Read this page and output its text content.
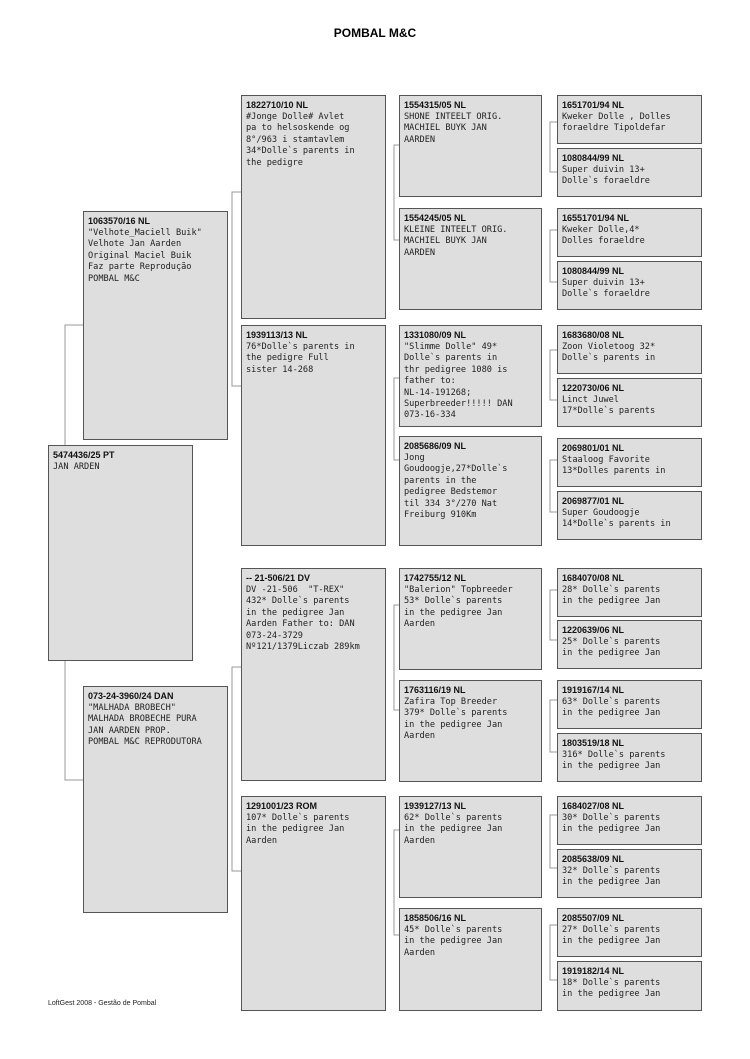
POMBAL M&C
5474436/25 PT
JAN ARDEN
1063570/16 NL
"Velhote_Maciell Buik"
Velhote Jan Aarden
Original Maciel Buik
Faz parte Reprodução
POMBAL M&C
073-24-3960/24 DAN
"MALHADA BROBECH"
MALHADA BROBECHE PURA
JAN AARDEN PROP.
POMBAL M&C REPRODUTORA
1822710/10 NL
#Jonge Dolle# Avlet
pa to helsoskende og
8°/963 i stamtavlem
34*Dolle`s parents in
the pedigre
1939113/13 NL
76*Dolle`s parents in
the pedigre Full
sister 14-268
-- 21-506/21 DV
DV -21-506  "T-REX"
432* Dolle`s parents
in the pedigree Jan
Aarden Father to: DAN
073-24-3729
Nº121/1379Liczab 289km
1291001/23 ROM
107* Dolle`s parents
in the pedigree Jan
Aarden
1554315/05 NL
SHONE INTEELT ORIG.
MACHIEL BUYK JAN
AARDEN
1554245/05 NL
KLEINE INTEELT ORIG.
MACHIEL BUYK JAN
AARDEN
1331080/09 NL
"Slimme Dolle" 49*
Dolle`s parents in
thr pedigree 1080 is
father to:
NL-14-191268;
Superbreeder!!!!! DAN
073-16-334
2085686/09 NL
Jong
Goudoogje,27*Dolle`s
parents in the
pedigree Bedstemor
til 334 3°/270 Nat
Freiburg 910Km
1742755/12 NL
"Balerion" Topbreeder
53* Dolle`s parents
in the pedigree Jan
Aarden
1763116/19 NL
Zafira Top Breeder
379* Dolle`s parents
in the pedigree Jan
Aarden
1939127/13 NL
62* Dolle`s parents
in the pedigree Jan
Aarden
1858506/16 NL
45* Dolle`s parents
in the pedigree Jan
Aarden
1651701/94 NL
Kweker Dolle , Dolles
foraeldre Tipoldefar
1080844/99 NL
Super duivin 13+
Dolle`s foraeldre
16551701/94 NL
Kweker Dolle,4*
Dolles foraeldre
1080844/99 NL
Super duivin 13+
Dolle`s foraeldre
1683680/08 NL
Zoon Violetoog 32*
Dolle`s parents in
1220730/06 NL
Linct Juwel
17*Dolle`s parents
2069801/01 NL
Staaloog Favorite
13*Dolles parents in
2069877/01 NL
Super Goudoogje
14*Dolle`s parents in
1684070/08 NL
28* Dolle`s parents
in the pedigree Jan
1220639/06 NL
25* Dolle`s parents
in the pedigree Jan
1919167/14 NL
63* Dolle`s parents
in the pedigree Jan
1803519/18 NL
316* Dolle`s parents
in the pedigree Jan
1684027/08 NL
30* Dolle`s parents
in the pedigree Jan
2085638/09 NL
32* Dolle`s parents
in the pedigree Jan
2085507/09 NL
27* Dolle`s parents
in the pedigree Jan
1919182/14 NL
18* Dolle`s parents
in the pedigree Jan
LoftGest 2008 - Gestão de Pombal
